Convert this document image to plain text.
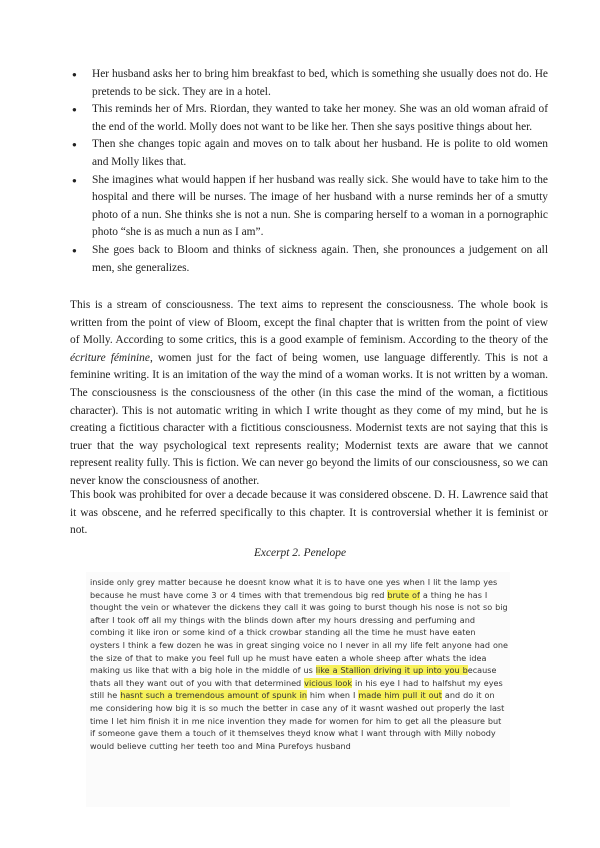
● Her husband asks her to bring him breakfast to bed, which is something she usually does not do. He pretends to be sick. They are in a hotel.
● This reminds her of Mrs. Riordan, they wanted to take her money. She was an old woman afraid of the end of the world. Molly does not want to be like her. Then she says positive things about her.
● Then she changes topic again and moves on to talk about her husband. He is polite to old women and Molly likes that.
● She imagines what would happen if her husband was really sick. She would have to take him to the hospital and there will be nurses. The image of her husband with a nurse reminds her of a smutty photo of a nun. She thinks she is not a nun. She is comparing herself to a woman in a pornographic photo “she is as much a nun as I am”.
● She goes back to Bloom and thinks of sickness again. Then, she pronounces a judgement on all men, she generalizes.

This is a stream of consciousness. The text aims to represent the consciousness. The whole book is written from the point of view of Bloom, except the final chapter that is written from the point of view of Molly. According to some critics, this is a good example of feminism. According to the theory of the écriture féminine, women just for the fact of being women, use language differently. This is not a feminine writing. It is an imitation of the way the mind of a woman works. It is not written by a woman. The consciousness is the consciousness of the other (in this case the mind of the woman, a fictitious character). This is not automatic writing in which I write thought as they come of my mind, but he is creating a fictitious character with a fictitious consciousness. Modernist texts are not saying that this is truer that the way psychological text represents reality; Modernist texts are aware that we cannot represent reality fully. This is fiction. We can never go beyond the limits of our consciousness, so we can never know the consciousness of another.

This book was prohibited for over a decade because it was considered obscene. D. H. Lawrence said that it was obscene, and he referred specifically to this chapter. It is controversial whether it is feminist or not.

Excerpt 2. Penelope

inside only grey matter because he doesnt know what it is to have one yes when I lit the lamp yes because he must have come 3 or 4 times with that tremendous big red brute of a thing he has I thought the vein or whatever the dickens they call it was going to burst though his nose is not so big after I took off all my things with the blinds down after my hours dressing and perfuming and combing it like iron or some kind of a thick crowbar standing all the time he must have eaten oysters I think a few dozen he was in great singing voice no I never in all my life felt anyone had one the size of that to make you feel full up he must have eaten a whole sheep after whats the idea making us like that with a big hole in the middle of us like a Stallion driving it up into you because thats all they want out of you with that determined vicious look in his eye I had to halfshut my eyes still he hasnt such a tremendous amount of spunk in him when I made him pull it out and do it on me considering how big it is so much the better in case any of it wasnt washed out properly the last time I let him finish it in me nice invention they made for women for him to get all the pleasure but if someone gave them a touch of it themselves theyd know what I want through with Milly nobody would believe cutting her teeth too and Mina Purefoys husband
